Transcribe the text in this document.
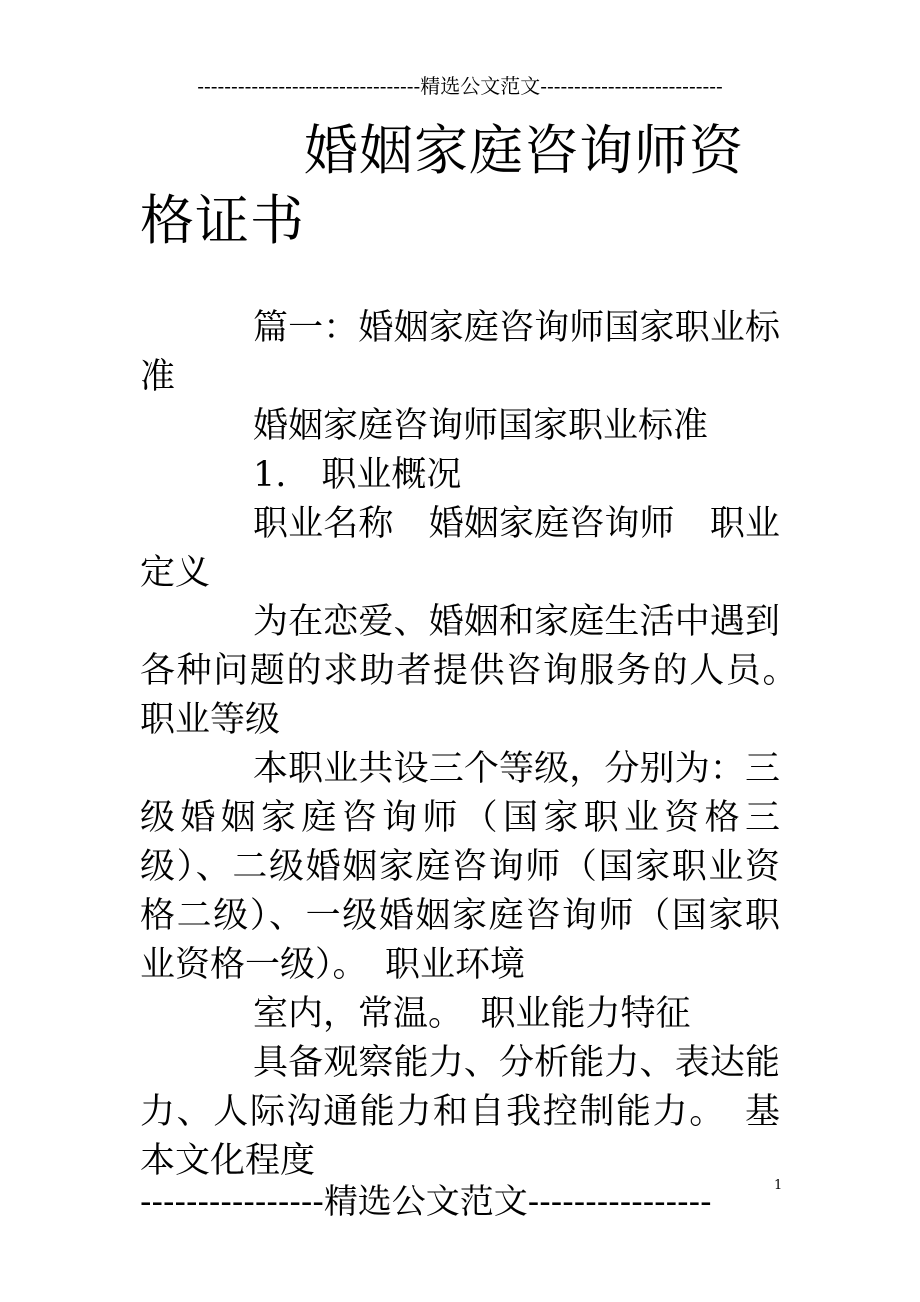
---------------------------------精选公文范文---------------------------
婚姻家庭咨询师资格证书

篇一：婚姻家庭咨询师国家职业标准

婚姻家庭咨询师国家职业标准

1.　职业概况

职业名称　婚姻家庭咨询师　职业定义

为在恋爱、婚姻和家庭生活中遇到各种问题的求助者提供咨询服务的人员。　职业等级

本职业共设三个等级，分别为：三级婚姻家庭咨询师（国家职业资格三级）、二级婚姻家庭咨询师（国家职业资格二级）、一级婚姻家庭咨询师（国家职业资格一级）。　职业环境

室内，常温。　职业能力特征

具备观察能力、分析能力、表达能力、人际沟通能力和自我控制能力。　基本文化程度

1
----------------精选公文范文----------------
